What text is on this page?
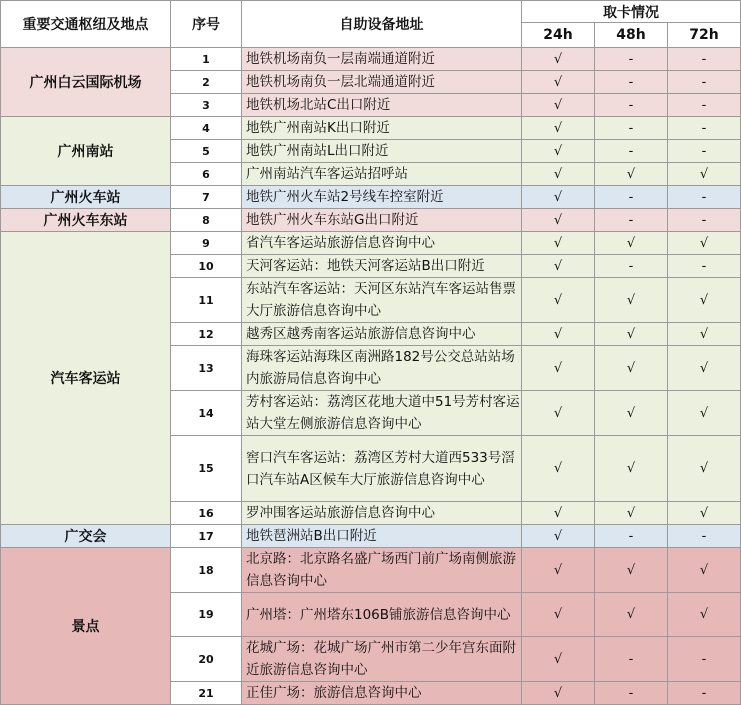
重要交通枢纽及地点	序号	自助设备地址	取卡情况		
			24h	48h	72h
广州白云国际机场	1	地铁机场南负一层南端通道附近	√	-	-
	2	地铁机场南负一层北端通道附近	√	-	-
	3	地铁机场北站C出口附近	√	-	-
广州南站	4	地铁广州南站K出口附近	√	-	-
	5	地铁广州南站L出口附近	√	-	-
	6	广州南站汽车客运站招呼站	√	√	√
广州火车站	7	地铁广州火车站2号线车控室附近	√	-	-
广州火车东站	8	地铁广州火车东站G出口附近	√	-	-
汽车客运站	9	省汽车客运站旅游信息咨询中心	√	√	√
	10	天河客运站：地铁天河客运站B出口附近	√	-	-
	11	东站汽车客运站：天河区东站汽车客运站售票大厅旅游信息咨询中心	√	√	√
	12	越秀区越秀南客运站旅游信息咨询中心	√	√	√
	13	海珠客运站海珠区南洲路182号公交总站站场内旅游局信息咨询中心	√	√	√
	14	芳村客运站：荔湾区花地大道中51号芳村客运站大堂左侧旅游信息咨询中心	√	√	√
	15	窖口汽车客运站：荔湾区芳村大道西533号滘口汽车站A区候车大厅旅游信息咨询中心	√	√	√
	16	罗冲围客运站旅游信息咨询中心	√	√	√
广交会	17	地铁琶洲站B出口附近	√	-	-
景点	18	北京路：北京路名盛广场西门前广场南侧旅游信息咨询中心	√	√	√
	19	广州塔：广州塔东106B铺旅游信息咨询中心	√	√	√
	20	花城广场：花城广场广州市第二少年宫东面附近旅游信息咨询中心	√	-	-
	21	正佳广场：旅游信息咨询中心	√	-	-
